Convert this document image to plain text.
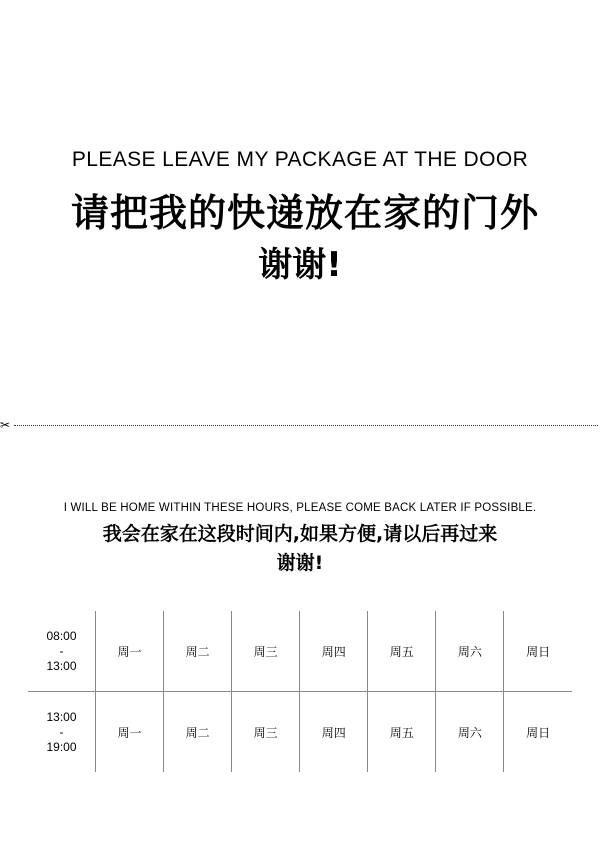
PLEASE LEAVE MY PACKAGE AT THE DOOR
请把我的快递放在家的门外
谢谢!
✂
I WILL BE HOME WITHIN THESE HOURS, PLEASE COME BACK LATER IF POSSIBLE.
我会在家在这段时间内,如果方便,请以后再过来
谢谢!
08:00
-
13:00	周一	周二	周三	周四	周五	周六	周日

13:00
-
19:00	周一	周二	周三	周四	周五	周六	周日
